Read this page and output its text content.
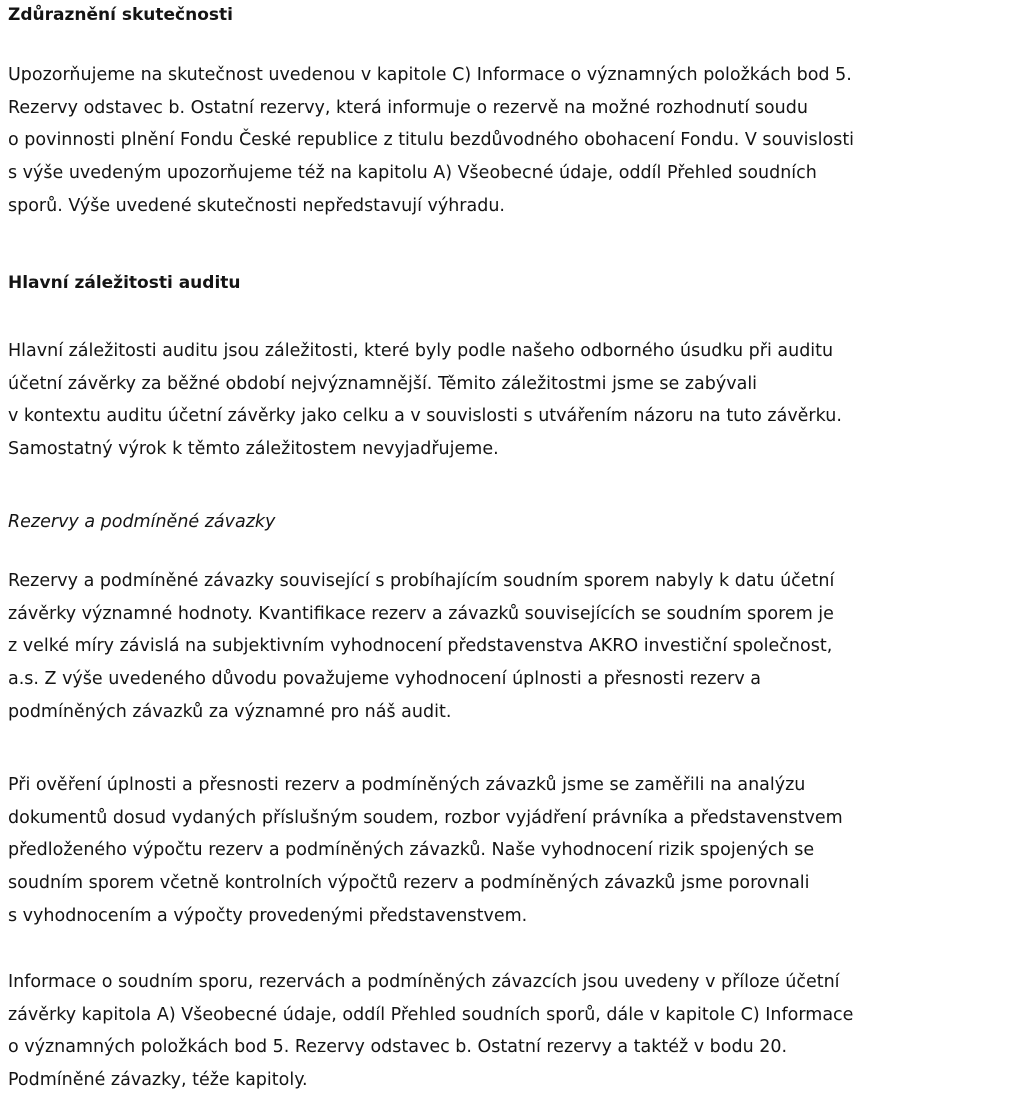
Zdůraznění skutečnosti
Upozorňujeme na skutečnost uvedenou v kapitole C) Informace o významných položkách bod 5.
Rezervy odstavec b. Ostatní rezervy, která informuje o rezervě na možné rozhodnutí soudu
o povinnosti plnění Fondu České republice z titulu bezdůvodného obohacení Fondu. V souvislosti
s výše uvedeným upozorňujeme též na kapitolu A) Všeobecné údaje, oddíl Přehled soudních
sporů. Výše uvedené skutečnosti nepředstavují výhradu.
Hlavní záležitosti auditu
Hlavní záležitosti auditu jsou záležitosti, které byly podle našeho odborného úsudku při auditu
účetní závěrky za běžné období nejvýznamnější. Těmito záležitostmi jsme se zabývali
v kontextu auditu účetní závěrky jako celku a v souvislosti s utvářením názoru na tuto závěrku.
Samostatný výrok k těmto záležitostem nevyjadřujeme.
Rezervy a podmíněné závazky
Rezervy a podmíněné závazky související s probíhajícím soudním sporem nabyly k datu účetní
závěrky významné hodnoty. Kvantifikace rezerv a závazků souvisejících se soudním sporem je
z velké míry závislá na subjektivním vyhodnocení představenstva AKRO investiční společnost,
a.s. Z výše uvedeného důvodu považujeme vyhodnocení úplnosti a přesnosti rezerv a
podmíněných závazků za významné pro náš audit.
Při ověření úplnosti a přesnosti rezerv a podmíněných závazků jsme se zaměřili na analýzu
dokumentů dosud vydaných příslušným soudem, rozbor vyjádření právníka a představenstvem
předloženého výpočtu rezerv a podmíněných závazků. Naše vyhodnocení rizik spojených se
soudním sporem včetně kontrolních výpočtů rezerv a podmíněných závazků jsme porovnali
s vyhodnocením a výpočty provedenými představenstvem.
Informace o soudním sporu, rezervách a podmíněných závazcích jsou uvedeny v příloze účetní
závěrky kapitola A) Všeobecné údaje, oddíl Přehled soudních sporů, dále v kapitole C) Informace
o významných položkách bod 5. Rezervy odstavec b. Ostatní rezervy a taktéž v bodu 20.
Podmíněné závazky, téže kapitoly.
